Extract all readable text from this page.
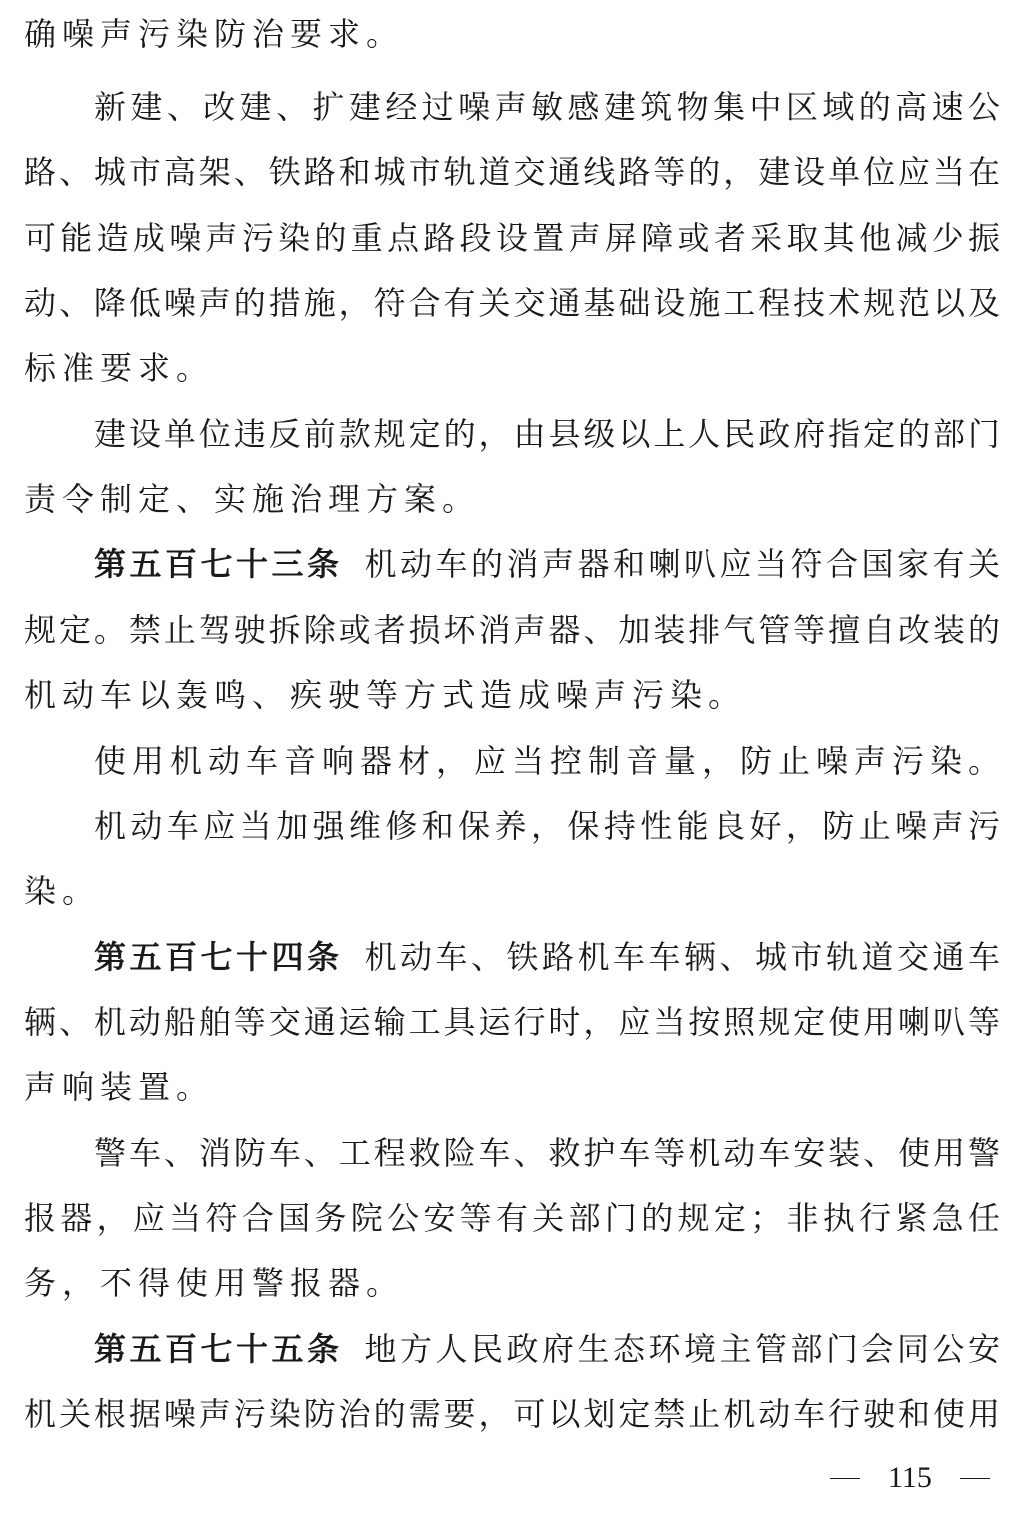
确噪声污染防治要求。
新建、改建、扩建经过噪声敏感建筑物集中区域的高速公
路、城市高架、铁路和城市轨道交通线路等的，建设单位应当在
可能造成噪声污染的重点路段设置声屏障或者采取其他减少振
动、降低噪声的措施，符合有关交通基础设施工程技术规范以及
标准要求。
建设单位违反前款规定的，由县级以上人民政府指定的部门
责令制定、实施治理方案。
第五百七十三条 机动车的消声器和喇叭应当符合国家有关
规定。禁止驾驶拆除或者损坏消声器、加装排气管等擅自改装的
机动车以轰鸣、疾驶等方式造成噪声污染。
使用机动车音响器材，应当控制音量，防止噪声污染。
机动车应当加强维修和保养，保持性能良好，防止噪声污
染。
第五百七十四条 机动车、铁路机车车辆、城市轨道交通车
辆、机动船舶等交通运输工具运行时，应当按照规定使用喇叭等
声响装置。
警车、消防车、工程救险车、救护车等机动车安装、使用警
报器，应当符合国务院公安等有关部门的规定；非执行紧急任
务，不得使用警报器。
第五百七十五条 地方人民政府生态环境主管部门会同公安
机关根据噪声污染防治的需要，可以划定禁止机动车行驶和使用
115
